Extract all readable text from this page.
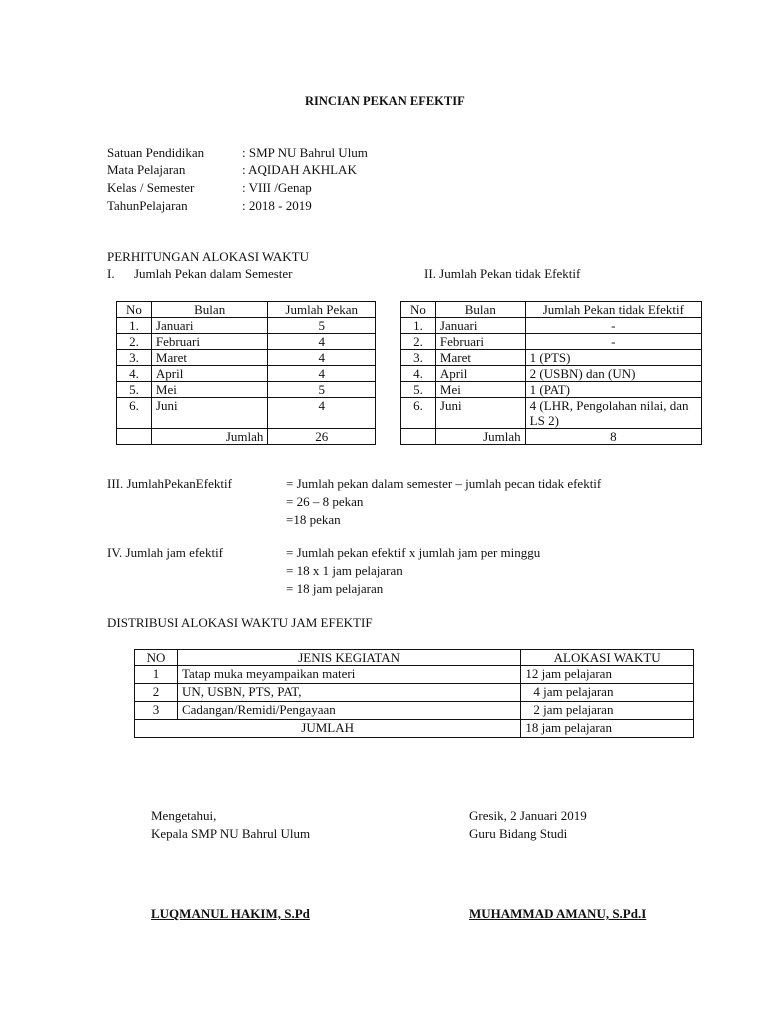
RINCIAN PEKAN EFEKTIF
Satuan Pendidikan	: SMP NU Bahrul Ulum
Mata Pelajaran	: AQIDAH AKHLAK
Kelas / Semester	: VIII /Genap
TahunPelajaran	: 2018 - 2019
PERHITUNGAN ALOKASI WAKTU
I. Jumlah Pekan dalam Semester	II. Jumlah Pekan tidak Efektif
No	Bulan	Jumlah Pekan
1.	Januari	5
2.	Februari	4
3.	Maret	4
4.	April	4
5.	Mei	5
6.	Juni	4
	Jumlah	26
No	Bulan	Jumlah Pekan tidak Efektif
1.	Januari	-
2.	Februari	-
3.	Maret	1 (PTS)
4.	April	2 (USBN) dan (UN)
5.	Mei	1 (PAT)
6.	Juni	4 (LHR, Pengolahan nilai, dan LS 2)
	Jumlah	8
III. JumlahPekanEfektif	= Jumlah pekan dalam semester – jumlah pecan tidak efektif
= 26 – 8 pekan
=18 pekan
IV. Jumlah jam efektif	= Jumlah pekan efektif x jumlah jam per minggu
= 18 x 1 jam pelajaran
= 18 jam pelajaran
DISTRIBUSI ALOKASI WAKTU JAM EFEKTIF
NO	JENIS KEGIATAN	ALOKASI WAKTU
1	Tatap muka meyampaikan materi	12 jam pelajaran
2	UN, USBN, PTS, PAT,	4 jam pelajaran
3	Cadangan/Remidi/Pengayaan	2 jam pelajaran
JUMLAH		18 jam pelajaran
Mengetahui,
Kepala SMP NU Bahrul Ulum
LUQMANUL HAKIM, S.Pd
Gresik, 2 Januari 2019
Guru Bidang Studi
MUHAMMAD AMANU, S.Pd.I
